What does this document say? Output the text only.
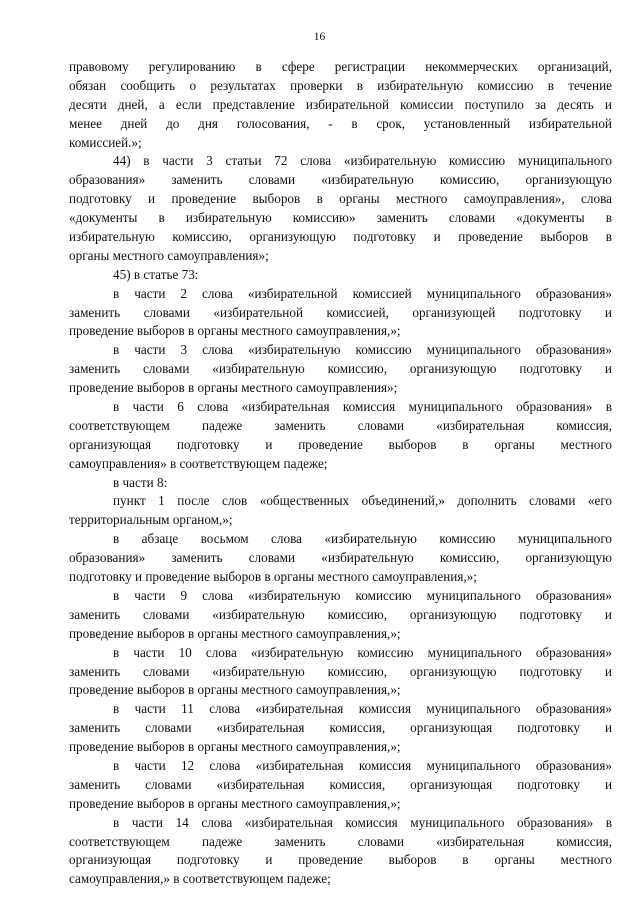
16
правовому регулированию в сфере регистрации некоммерческих организаций,
обязан сообщить о результатах проверки в избирательную комиссию в течение
десяти дней, а если представление избирательной комиссии поступило за десять и
менее дней до дня голосования, - в срок, установленный избирательной
комиссией.»;
44) в части 3 статьи 72 слова «избирательную комиссию муниципального
образования» заменить словами «избирательную комиссию, организующую
подготовку и проведение выборов в органы местного самоуправления», слова
«документы в избирательную комиссию» заменить словами «документы в
избирательную комиссию, организующую подготовку и проведение выборов в
органы местного самоуправления»;
45) в статье 73:
в части 2 слова «избирательной комиссией муниципального образования»
заменить словами «избирательной комиссией, организующей подготовку и
проведение выборов в органы местного самоуправления,»;
в части 3 слова «избирательную комиссию муниципального образования»
заменить словами «избирательную комиссию, организующую подготовку и
проведение выборов в органы местного самоуправления»;
в части 6 слова «избирательная комиссия муниципального образования» в
соответствующем падеже заменить словами «избирательная комиссия,
организующая подготовку и проведение выборов в органы местного
самоуправления» в соответствующем падеже;
в части 8:
пункт 1 после слов «общественных объединений,» дополнить словами «его
территориальным органом,»;
в абзаце восьмом слова «избирательную комиссию муниципального
образования» заменить словами «избирательную комиссию, организующую
подготовку и проведение выборов в органы местного самоуправления,»;
в части 9 слова «избирательную комиссию муниципального образования»
заменить словами «избирательную комиссию, организующую подготовку и
проведение выборов в органы местного самоуправления,»;
в части 10 слова «избирательную комиссию муниципального образования»
заменить словами «избирательную комиссию, организующую подготовку и
проведение выборов в органы местного самоуправления,»;
в части 11 слова «избирательная комиссия муниципального образования»
заменить словами «избирательная комиссия, организующая подготовку и
проведение выборов в органы местного самоуправления,»;
в части 12 слова «избирательная комиссия муниципального образования»
заменить словами «избирательная комиссия, организующая подготовку и
проведение выборов в органы местного самоуправления,»;
в части 14 слова «избирательная комиссия муниципального образования» в
соответствующем падеже заменить словами «избирательная комиссия,
организующая подготовку и проведение выборов в органы местного
самоуправления,» в соответствующем падеже;
